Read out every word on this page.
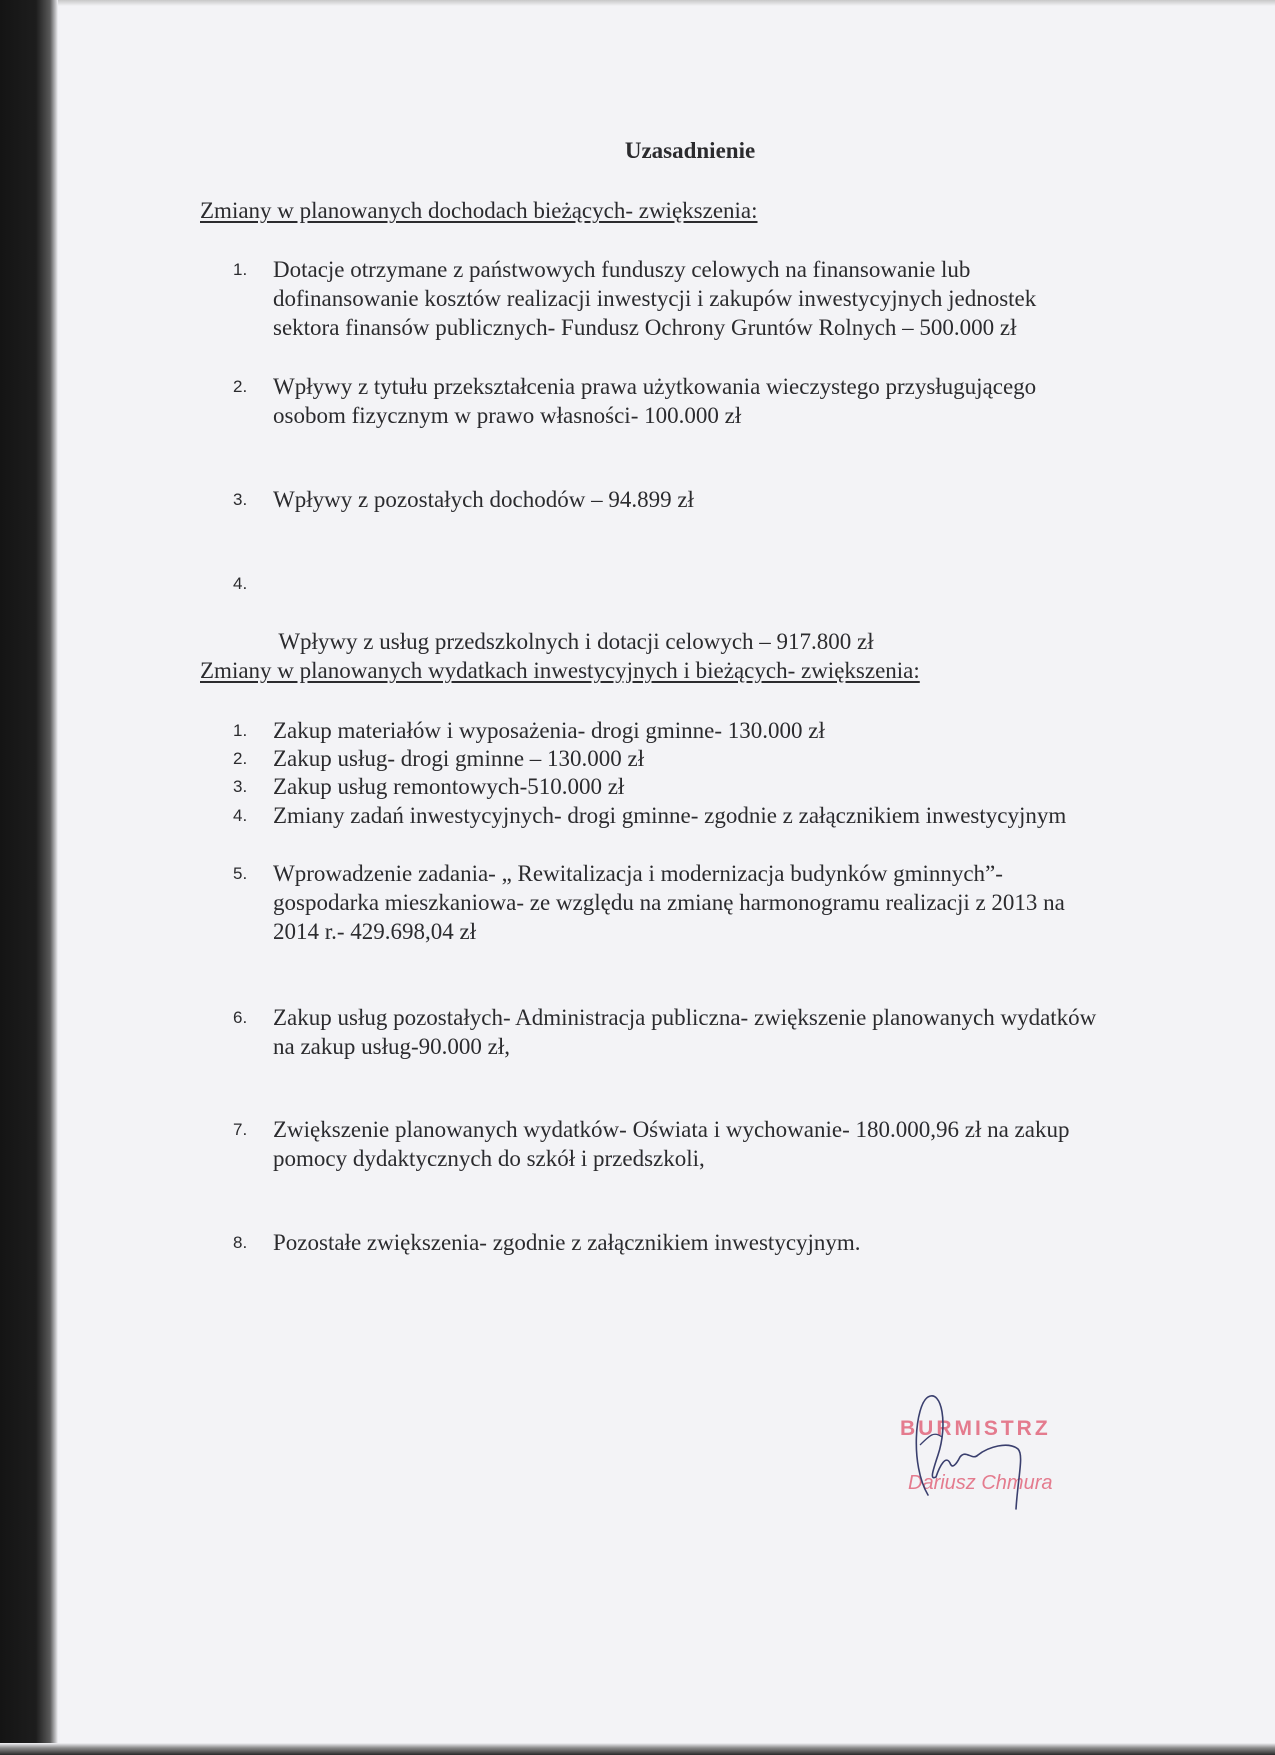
Uzasadnienie
Zmiany w planowanych dochodach bieżących- zwiększenia:
1.	Dotacje otrzymane z państwowych funduszy celowych na finansowanie lub
dofinansowanie kosztów realizacji inwestycji i zakupów inwestycyjnych jednostek
sektora finansów publicznych- Fundusz Ochrony Gruntów Rolnych – 500.000 zł
2.	Wpływy z tytułu przekształcenia prawa użytkowania wieczystego przysługującego
osobom fizycznym w prawo własności- 100.000 zł
3.	Wpływy z pozostałych dochodów – 94.899 zł
4.

Wpływy z usług przedszkolnych i dotacji celowych – 917.800 zł

Zmiany w planowanych wydatkach inwestycyjnych i bieżących- zwiększenia:
1.	Zakup materiałów i wyposażenia- drogi gminne- 130.000 zł
2.	Zakup usług- drogi gminne – 130.000 zł
3.	Zakup usług remontowych-510.000 zł
4.	Zmiany zadań inwestycyjnych- drogi gminne- zgodnie z załącznikiem inwestycyjnym
5.	Wprowadzenie zadania- „ Rewitalizacja i modernizacja budynków gminnych”-
gospodarka mieszkaniowa- ze względu na zmianę harmonogramu realizacji z 2013 na
2014 r.- 429.698,04 zł
6.	Zakup usług pozostałych- Administracja publiczna- zwiększenie planowanych wydatków
na zakup usług-90.000 zł,
7.	Zwiększenie planowanych wydatków- Oświata i wychowanie- 180.000,96 zł na zakup
pomocy dydaktycznych do szkół i przedszkoli,
8.	Pozostałe zwiększenia- zgodnie z załącznikiem inwestycyjnym.
BURMISTRZ
Dariusz Chmura
